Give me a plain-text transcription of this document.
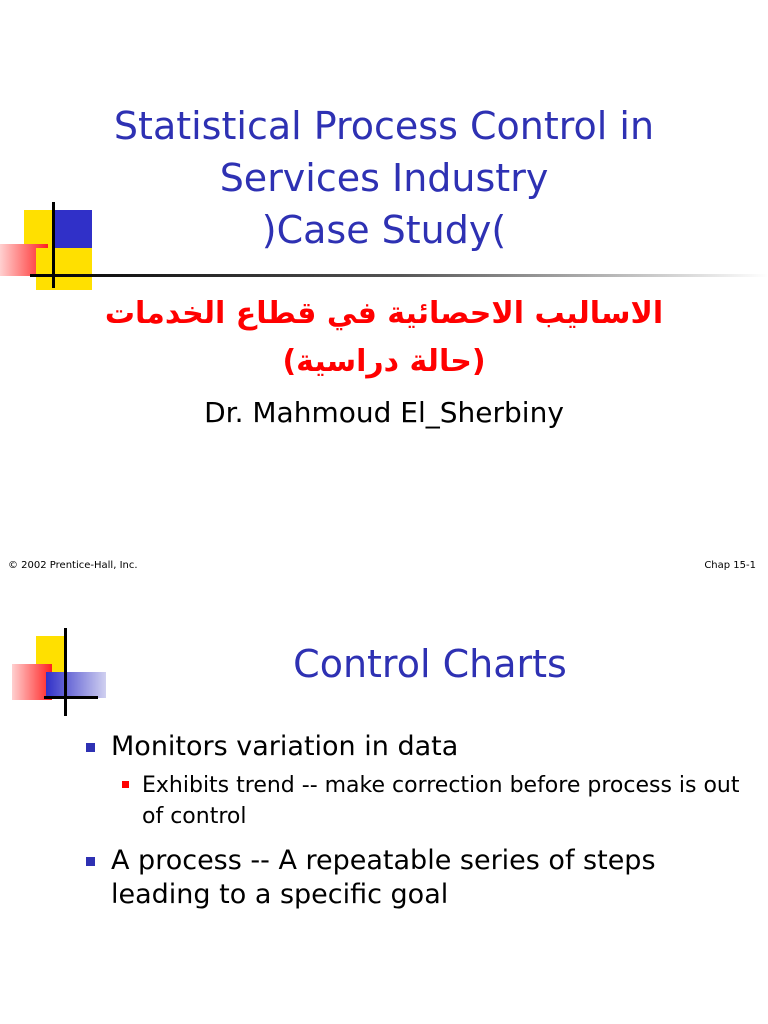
Statistical Process Control in
Services Industry
)Case Study(
الاساليب الاحصائية في قطاع الخدمات
(حالة دراسية)
Dr. Mahmoud El_Sherbiny
© 2002 Prentice-Hall, Inc.	Chap 15-1
Control Charts
Monitors variation in data
Exhibits trend -- make correction before process is out of control
A process -- A repeatable series of steps leading to a specific goal
